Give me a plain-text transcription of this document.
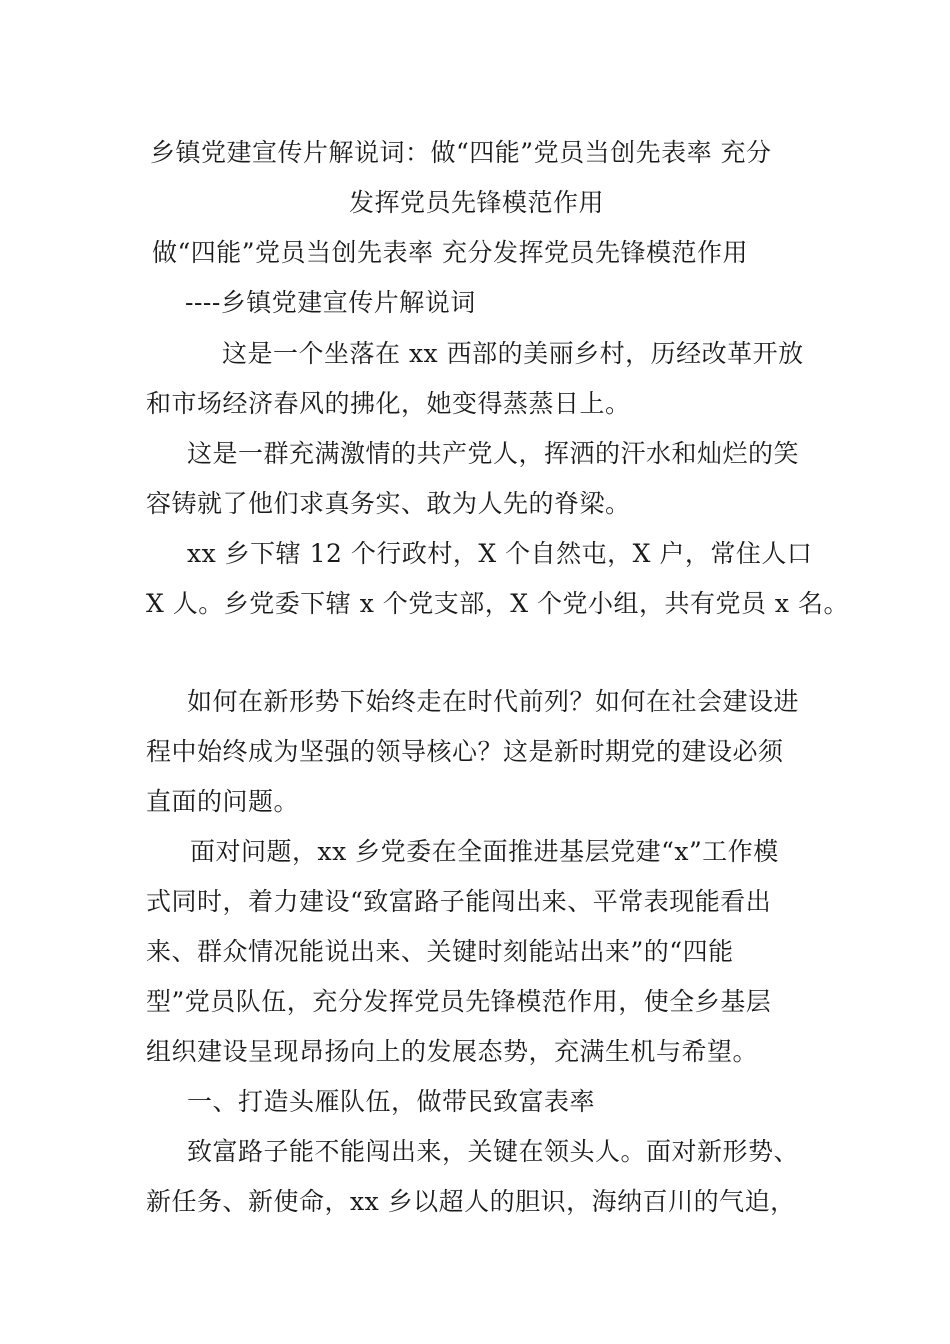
乡镇党建宣传片解说词：做“四能”党员当创先表率 充分
发挥党员先锋模范作用
做“四能”党员当创先表率 充分发挥党员先锋模范作用
----乡镇党建宣传片解说词
这是一个坐落在 xx 西部的美丽乡村，历经改革开放
和市场经济春风的拂化，她变得蒸蒸日上。
这是一群充满激情的共产党人，挥洒的汗水和灿烂的笑
容铸就了他们求真务实、敢为人先的脊梁。
xx 乡下辖 12 个行政村，X 个自然屯，X 户，常住人口
X 人。乡党委下辖 x 个党支部，X 个党小组，共有党员 x 名。
如何在新形势下始终走在时代前列？如何在社会建设进
程中始终成为坚强的领导核心？这是新时期党的建设必须
直面的问题。
面对问题，xx 乡党委在全面推进基层党建“x”工作模
式同时，着力建设“致富路子能闯出来、平常表现能看出
来、群众情况能说出来、关键时刻能站出来”的“四能
型”党员队伍，充分发挥党员先锋模范作用，使全乡基层
组织建设呈现昂扬向上的发展态势，充满生机与希望。
一、打造头雁队伍，做带民致富表率
致富路子能不能闯出来，关键在领头人。面对新形势、
新任务、新使命，xx 乡以超人的胆识，海纳百川的气迫，
